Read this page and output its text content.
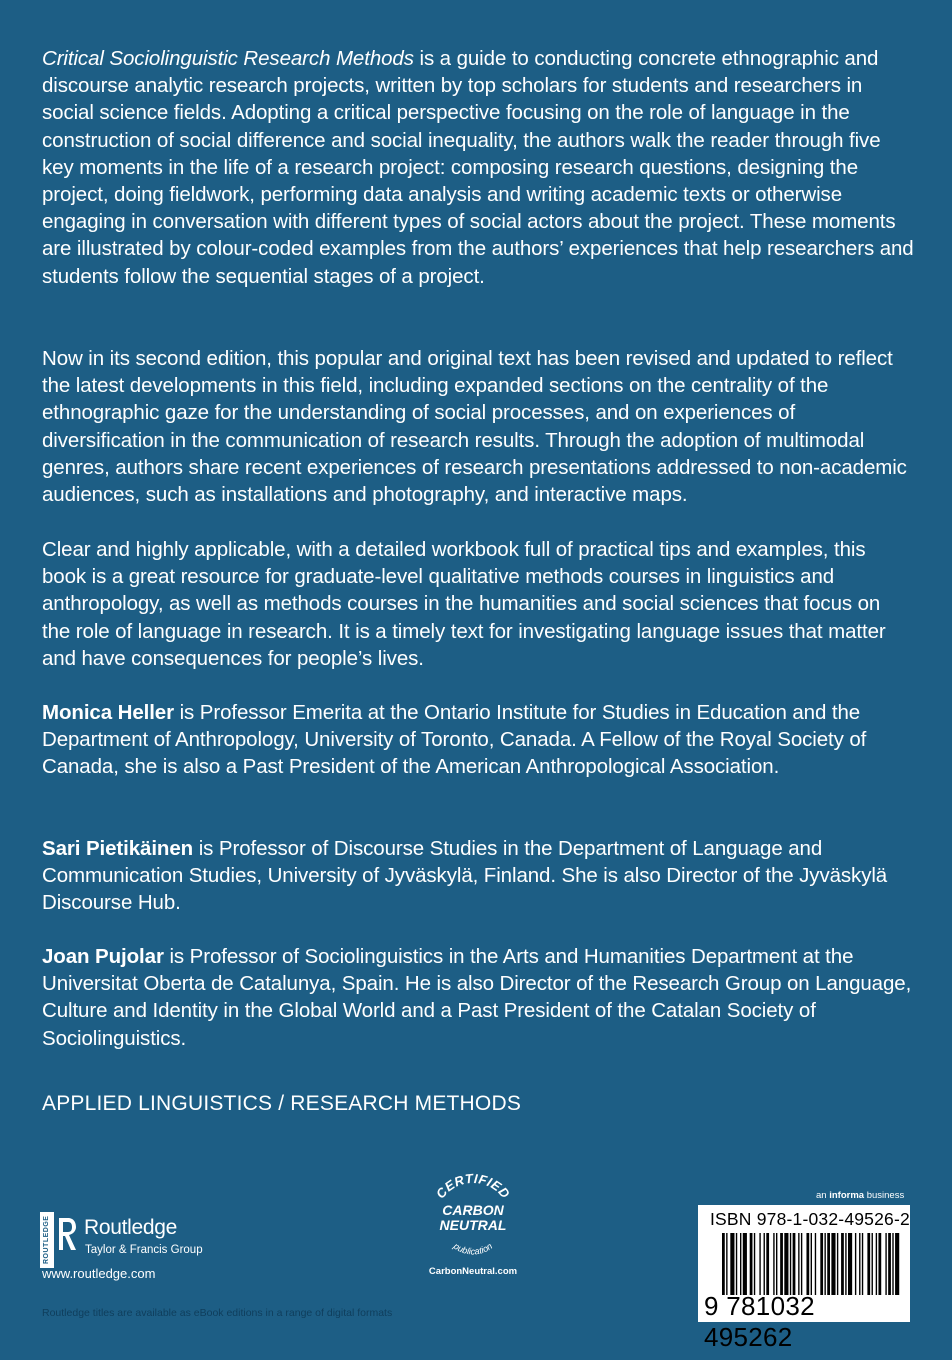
Critical Sociolinguistic Research Methods is a guide to conducting concrete ethnographic and discourse analytic research projects, written by top scholars for students and researchers in social science fields. Adopting a critical perspective focusing on the role of language in the construction of social difference and social inequality, the authors walk the reader through five key moments in the life of a research project: composing research questions, designing the project, doing fieldwork, performing data analysis and writing academic texts or otherwise engaging in conversation with different types of social actors about the project. These moments are illustrated by colour-coded examples from the authors’ experiences that help researchers and students follow the sequential stages of a project.

Now in its second edition, this popular and original text has been revised and updated to reflect the latest developments in this field, including expanded sections on the centrality of the ethnographic gaze for the understanding of social processes, and on experiences of diversification in the communication of research results. Through the adoption of multimodal genres, authors share recent experiences of research presentations addressed to non-academic audiences, such as installations and photography, and interactive maps.

Clear and highly applicable, with a detailed workbook full of practical tips and examples, this book is a great resource for graduate-level qualitative methods courses in linguistics and anthropology, as well as methods courses in the humanities and social sciences that focus on the role of language in research. It is a timely text for investigating language issues that matter and have consequences for people’s lives.

Monica Heller is Professor Emerita at the Ontario Institute for Studies in Education and the Department of Anthropology, University of Toronto, Canada. A Fellow of the Royal Society of Canada, she is also a Past President of the American Anthropological Association.

Sari Pietikäinen is Professor of Discourse Studies in the Department of Language and Communication Studies, University of Jyväskylä, Finland. She is also Director of the Jyväskylä Discourse Hub.

Joan Pujolar is Professor of Sociolinguistics in the Arts and Humanities Department at the Universitat Oberta de Catalunya, Spain. He is also Director of the Research Group on Language, Culture and Identity in the Global World and a Past President of the Catalan Society of Sociolinguistics.

APPLIED LINGUISTICS / RESEARCH METHODS
ROUTLEDGE Routledge
Taylor & Francis Group
www.routledge.com
Routledge titles are available as eBook editions in a range of digital formats
CERTIFIED
CARBON
NEUTRAL
publication
CarbonNeutral.com
an informa business
ISBN 978-1-032-49526-2
9 781032 495262
